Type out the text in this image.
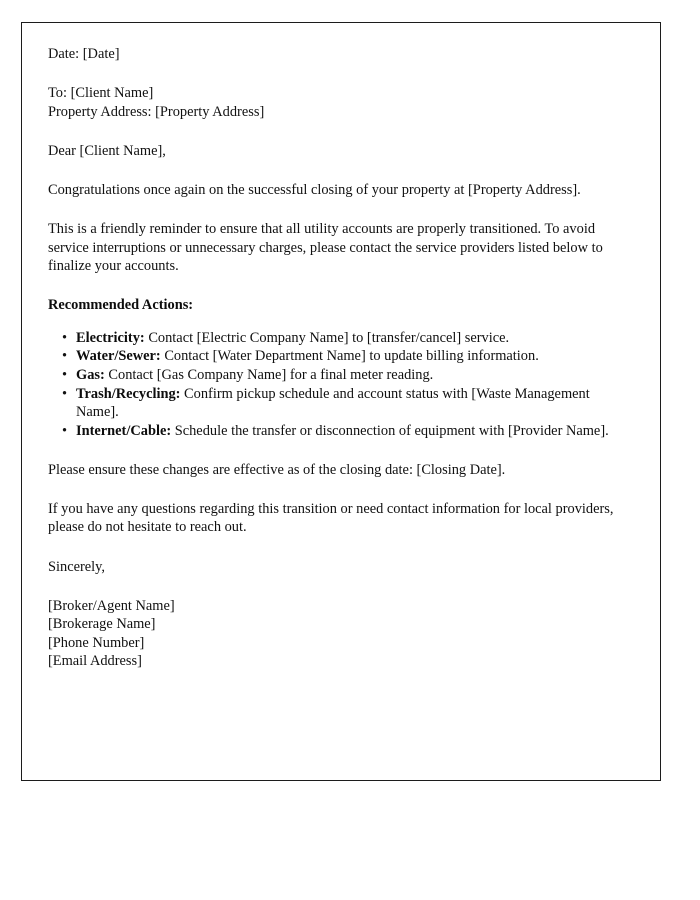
Date: [Date]
To: [Client Name]
Property Address: [Property Address]
Dear [Client Name],
Congratulations once again on the successful closing of your property at [Property Address].
This is a friendly reminder to ensure that all utility accounts are properly transitioned. To avoid service interruptions or unnecessary charges, please contact the service providers listed below to finalize your accounts.
Recommended Actions:
• Electricity: Contact [Electric Company Name] to [transfer/cancel] service.
• Water/Sewer: Contact [Water Department Name] to update billing information.
• Gas: Contact [Gas Company Name] for a final meter reading.
• Trash/Recycling: Confirm pickup schedule and account status with [Waste Management Name].
• Internet/Cable: Schedule the transfer or disconnection of equipment with [Provider Name].
Please ensure these changes are effective as of the closing date: [Closing Date].
If you have any questions regarding this transition or need contact information for local providers, please do not hesitate to reach out.
Sincerely,
[Broker/Agent Name]
[Brokerage Name]
[Phone Number]
[Email Address]
